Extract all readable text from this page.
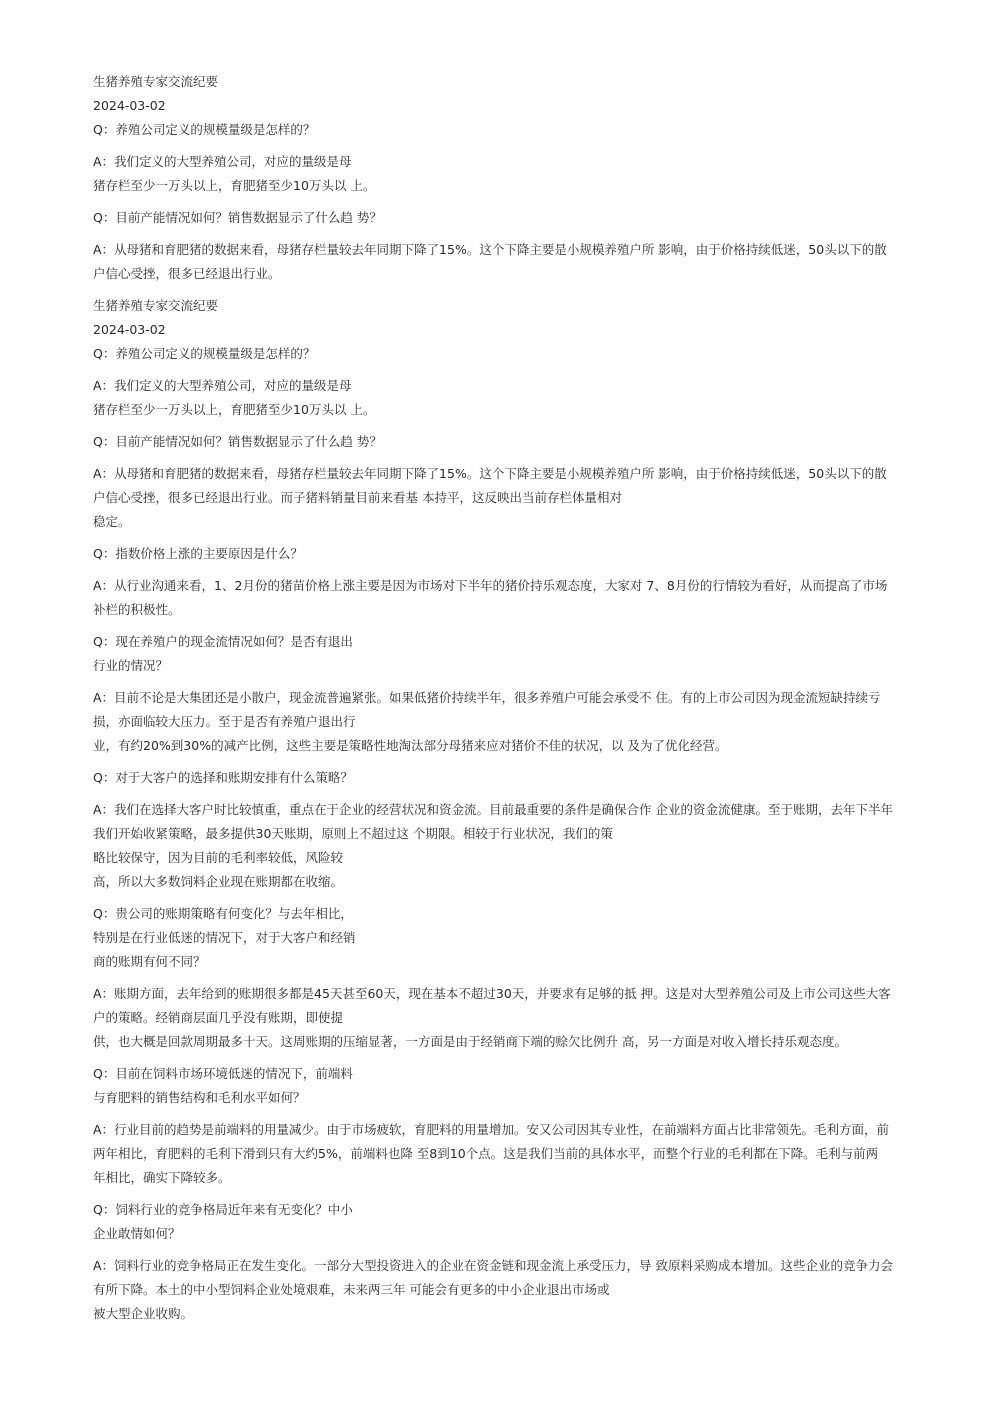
生猪养殖专家交流纪要
2024-03-02
Q：养殖公司定义的规模量级是怎样的？
A：我们定义的大型养殖公司，对应的量级是母
猪存栏至少一万头以上，育肥猪至少10万头以 上。
Q：目前产能情况如何？销售数据显示了什么趋 势？
A：从母猪和育肥猪的数据来看，母猪存栏量较去年同期下降了15%。这个下降主要是小规模养殖户所 影响，由于价格持续低迷，50头以下的散
户信心受挫，很多已经退出行业。
生猪养殖专家交流纪要
2024-03-02
Q：养殖公司定义的规模量级是怎样的？
A：我们定义的大型养殖公司，对应的量级是母
猪存栏至少一万头以上，育肥猪至少10万头以 上。
Q：目前产能情况如何？销售数据显示了什么趋 势？
A：从母猪和育肥猪的数据来看，母猪存栏量较去年同期下降了15%。这个下降主要是小规模养殖户所 影响，由于价格持续低迷，50头以下的散
户信心受挫，很多已经退出行业。而子猪料销量目前来看基 本持平，这反映出当前存栏体量相对
稳定。
Q：指数价格上涨的主要原因是什么？
A：从行业沟通来看，1、2月份的猪苗价格上涨主要是因为市场对下半年的猪价持乐观态度，大家对 7、8月份的行情较为看好，从而提高了市场
补栏的积极性。
Q：现在养殖户的现金流情况如何？是否有退出
行业的情况？
A：目前不论是大集团还是小散户，现金流普遍紧张。如果低猪价持续半年，很多养殖户可能会承受不 住。有的上市公司因为现金流短缺持续亏
损，亦面临较大压力。至于是否有养殖户退出行
业，有约20%到30%的减产比例，这些主要是策略性地淘汰部分母猪来应对猪价不佳的状况，以 及为了优化经营。
Q：对于大客户的选择和账期安排有什么策略？
A：我们在选择大客户时比较慎重，重点在于企业的经营状况和资金流。目前最重要的条件是确保合作 企业的资金流健康。至于账期，去年下半年
我们开始收紧策略，最多提供30天账期，原则上不超过这 个期限。相较于行业状况，我们的策
略比较保守，因为目前的毛利率较低，风险较
高，所以大多数饲料企业现在账期都在收缩。
Q：贵公司的账期策略有何变化？与去年相比，
特别是在行业低迷的情况下，对于大客户和经销
商的账期有何不同？
A：账期方面，去年给到的账期很多都是45天甚至60天，现在基本不超过30天，并要求有足够的抵 押。这是对大型养殖公司及上市公司这些大客
户的策略。经销商层面几乎没有账期，即使提
供，也大概是回款周期最多十天。这周账期的压缩显著，一方面是由于经销商下端的赊欠比例升 高，另一方面是对收入增长持乐观态度。
Q：目前在饲料市场环境低迷的情况下，前端料
与育肥料的销售结构和毛利水平如何？
A：行业目前的趋势是前端料的用量减少。由于市场疲软，育肥料的用量增加。安又公司因其专业性，在前端料方面占比非常领先。毛利方面，前
两年相比，育肥料的毛利下滑到只有大约5%，前端料也降 至8到10个点。这是我们当前的具体水平，而整个行业的毛利都在下降。毛利与前两
年相比，确实下降较多。
Q：饲料行业的竞争格局近年来有无变化？中小
企业敢情如何？
A：饲料行业的竞争格局正在发生变化。一部分大型投资进入的企业在资金链和现金流上承受压力，导 致原料采购成本增加。这些企业的竞争力会
有所下降。本土的中小型饲料企业处境艰难，未来两三年 可能会有更多的中小企业退出市场或
被大型企业收购。
